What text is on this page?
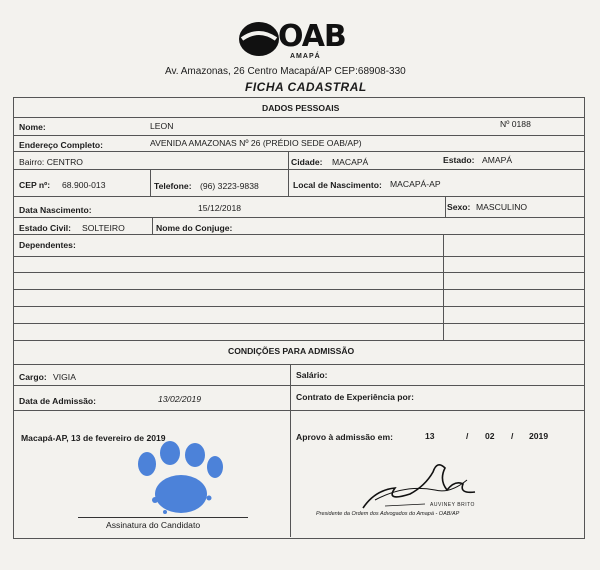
OAB
AMAPÁ
Av. Amazonas, 26 Centro Macapá/AP CEP:68908-330
FICHA CADASTRAL
DADOS PESSOAIS
Nome:	LEON	Nº 0188
Endereço Completo:	AVENIDA AMAZONAS Nº 26 (PRÉDIO SEDE OAB/AP)
Bairro: CENTRO	Cidade: MACAPÁ	Estado: AMAPÁ
CEP nº: 68.900-013	Telefone: (96) 3223-9838	Local de Nascimento: MACAPÁ-AP
Data Nascimento:	15/12/2018	Sexo: MASCULINO
Estado Civil: SOLTEIRO	Nome do Conjuge:
Dependentes:
CONDIÇÕES PARA ADMISSÃO
Cargo: VIGIA	Salário:
Data de Admissão:	13/02/2019	Contrato de Experiência por:
Macapá-AP, 13 de fevereiro de 2019	Aprovo à admissão em:	13	/ 02 / 2019
AUVINEY BRITO
Presidente da Ordem dos Advogados do Amapá - OAB/AP
Assinatura do Candidato
